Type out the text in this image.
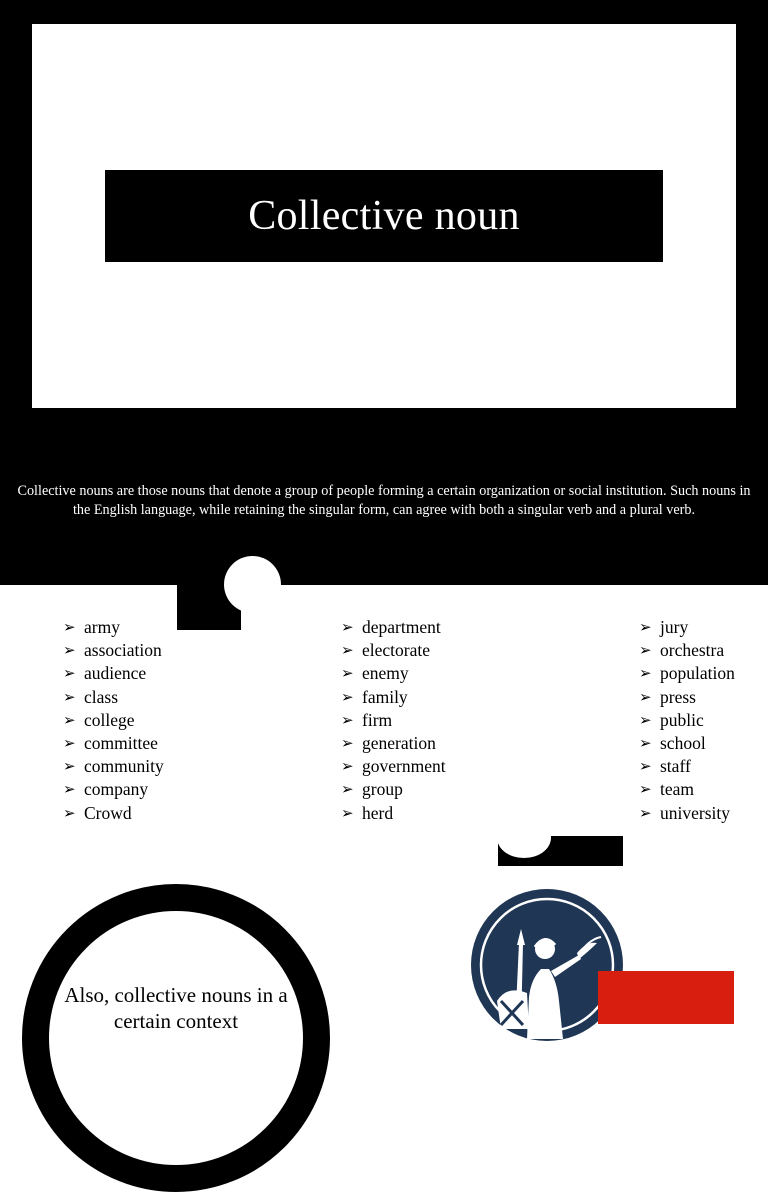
Collective noun
Collective nouns are those nouns that denote a group of people forming a certain organization or social institution. Such nouns in the English language, while retaining the singular form, can agree with both a singular verb and a plural verb.
➢ army
➢ association
➢ audience
➢ class
➢ college
➢ committee
➢ community
➢ company
➢ Crowd
➢ department
➢ electorate
➢ enemy
➢ family
➢ firm
➢ generation
➢ government
➢ group
➢ herd
➢ jury
➢ orchestra
➢ population
➢ press
➢ public
➢ school
➢ staff
➢ team
➢ university
Also, collective nouns in a certain context
